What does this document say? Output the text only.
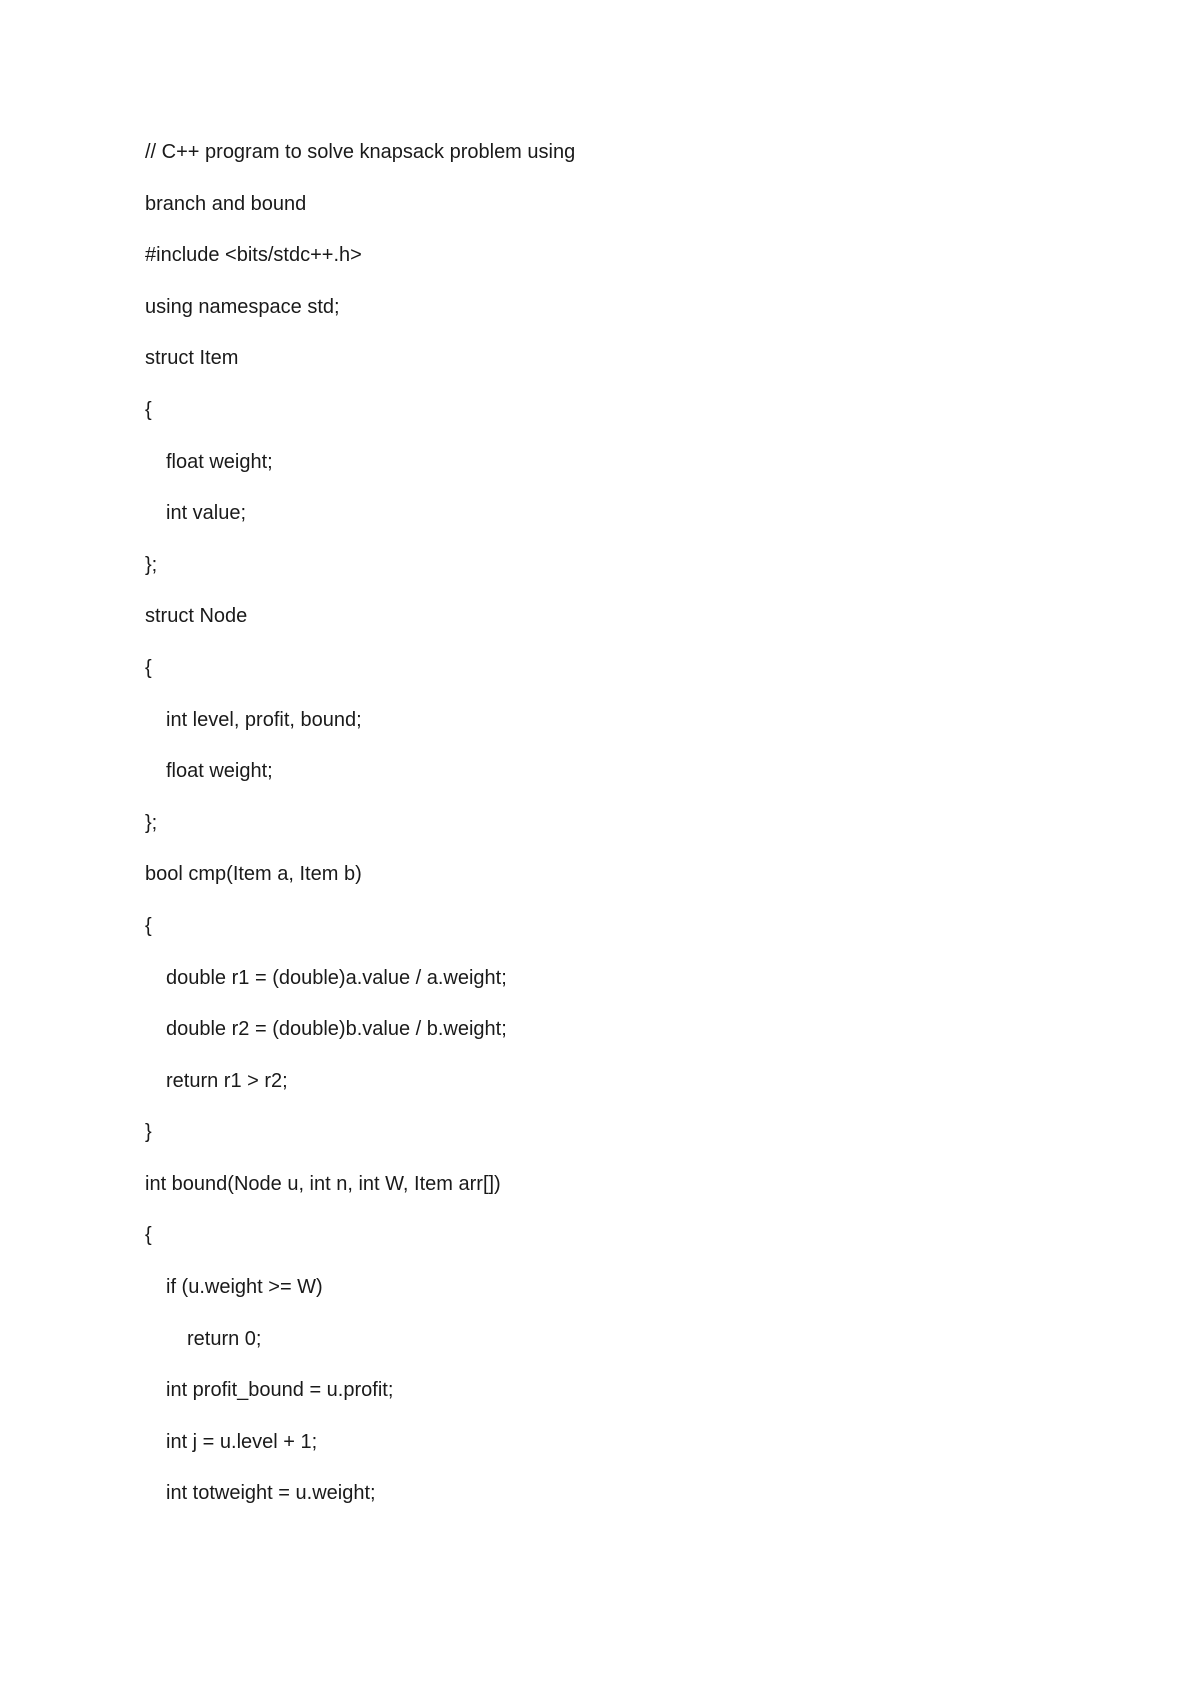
// C++ program to solve knapsack problem using

branch and bound

#include <bits/stdc++.h>

using namespace std;

struct Item

{

float weight;

int value;

};

struct Node

{

int level, profit, bound;

float weight;

};

bool cmp(Item a, Item b)

{

double r1 = (double)a.value / a.weight;

double r2 = (double)b.value / b.weight;

return r1 > r2;

}

int bound(Node u, int n, int W, Item arr[])

{

if (u.weight >= W)

return 0;

int profit_bound = u.profit;

int j = u.level + 1;

int totweight = u.weight;
